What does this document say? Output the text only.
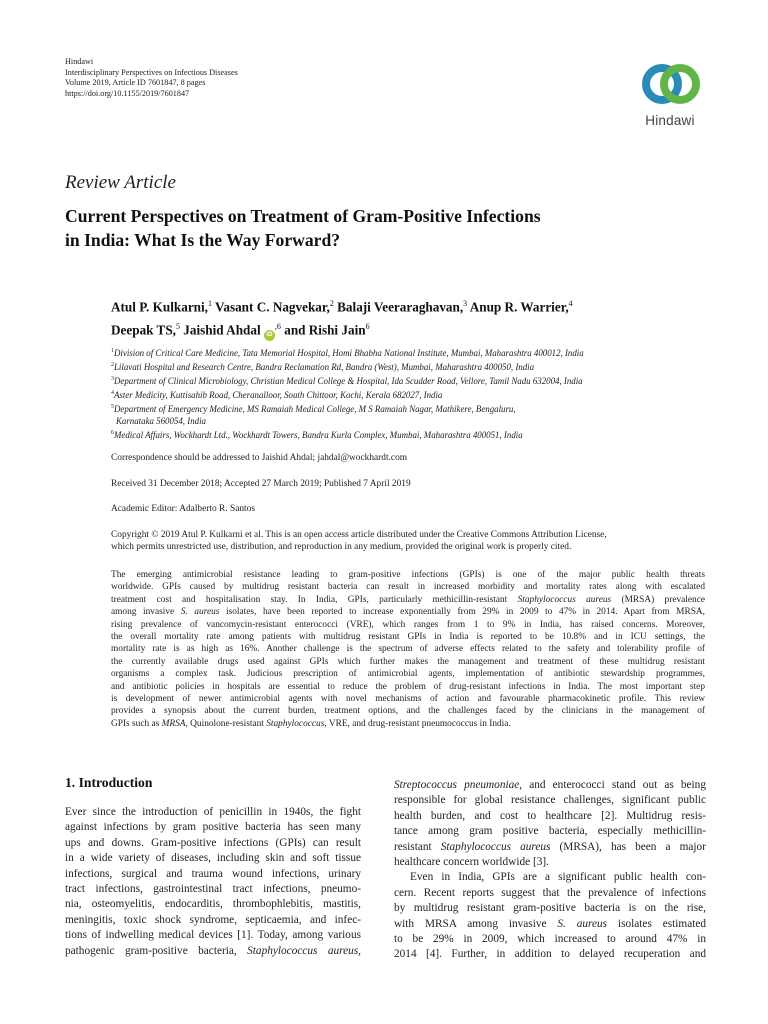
Hindawi
Interdisciplinary Perspectives on Infectious Diseases
Volume 2019, Article ID 7601847, 8 pages
https://doi.org/10.1155/2019/7601847
Hindawi
Review Article
Current Perspectives on Treatment of Gram-Positive Infections
in India: What Is the Way Forward?
Atul P. Kulkarni,$^1$ Vasant C. Nagvekar,$^2$ Balaji Veeraraghavan,$^3$ Anup R. Warrier,$^4$
Deepak TS,$^5$ Jaishid Ahdal $iD^{,6}$ and Rishi Jain$^6$
$^1$Division of Critical Care Medicine, Tata Memorial Hospital, Homi Bhabha National Institute, Mumbai, Maharashtra 400012, India
$^2$Lilavati Hospital and Research Centre, Bandra Reclamation Rd, Bandra (West), Mumbai, Maharashtra 400050, India
$^3$Department of Clinical Microbiology, Christian Medical College & Hospital, Ida Scudder Road, Vellore, Tamil Nadu 632004, India
$^4$Aster Medicity, Kuttisahib Road, Cheranalloor, South Chittoor, Kochi, Kerala 682027, India
$^5$Department of Emergency Medicine, MS Ramaiah Medical College, M S Ramaiah Nagar, Mathikere, Bengaluru,
Karnataka 560054, India
$^6$Medical Affairs, Wockhardt Ltd., Wockhardt Towers, Bandra Kurla Complex, Mumbai, Maharashtra 400051, India
Correspondence should be addressed to Jaishid Ahdal; jahdal@wockhardt.com
Received 31 December 2018; Accepted 27 March 2019; Published 7 April 2019
Academic Editor: Adalberto R. Santos
Copyright © 2019 Atul P. Kulkarni et al. This is an open access article distributed under the Creative Commons Attribution License,
which permits unrestricted use, distribution, and reproduction in any medium, provided the original work is properly cited.
The emerging antimicrobial resistance leading to gram-positive infections (GPIs) is one of the major public health threats
worldwide. GPIs caused by multidrug resistant bacteria can result in increased morbidity and mortality rates along with escalated
treatment cost and hospitalisation stay. In India, GPIs, particularly methicillin-resistant Staphylococcus aureus (MRSA) prevalence
among invasive S. aureus isolates, have been reported to increase exponentially from 29% in 2009 to 47% in 2014. Apart from MRSA,
rising prevalence of vancomycin-resistant enterococci (VRE), which ranges from 1 to 9% in India, has raised concerns. Moreover,
the overall mortality rate among patients with multidrug resistant GPIs in India is reported to be 10.8% and in ICU settings, the
mortality rate is as high as 16%. Another challenge is the spectrum of adverse effects related to the safety and tolerability profile of
the currently available drugs used against GPIs which further makes the management and treatment of these multidrug resistant
organisms a complex task. Judicious prescription of antimicrobial agents, implementation of antibiotic stewardship programmes,
and antibiotic policies in hospitals are essential to reduce the problem of drug-resistant infections in India. The most important step
is development of newer antimicrobial agents with novel mechanisms of action and favourable pharmacokinetic profile. This review
provides a synopsis about the current burden, treatment options, and the challenges faced by the clinicians in the management of
GPIs such as MRSA, Quinolone-resistant Staphylococcus, VRE, and drug-resistant pneumococcus in India.
1. Introduction
Ever since the introduction of penicillin in 1940s, the fight
against infections by gram positive bacteria has seen many
ups and downs. Gram-positive infections (GPIs) can result
in a wide variety of diseases, including skin and soft tissue
infections, surgical and trauma wound infections, urinary
tract infections, gastrointestinal tract infections, pneumo-
nia, osteomyelitis, endocarditis, thrombophlebitis, mastitis,
meningitis, toxic shock syndrome, septicaemia, and infec-
tions of indwelling medical devices [1]. Today, among various
pathogenic gram-positive bacteria, Staphylococcus aureus,
Streptococcus pneumoniae, and enterococci stand out as being
responsible for global resistance challenges, significant public
health burden, and cost to healthcare [2]. Multidrug resis-
tance among gram positive bacteria, especially methicillin-
resistant Staphylococcus aureus (MRSA), has been a major
healthcare concern worldwide [3].
Even in India, GPIs are a significant public health con-
cern. Recent reports suggest that the prevalence of infections
by multidrug resistant gram-positive bacteria is on the rise,
with MRSA among invasive S. aureus isolates estimated
to be 29% in 2009, which increased to around 47% in
2014 [4]. Further, in addition to delayed recuperation and
